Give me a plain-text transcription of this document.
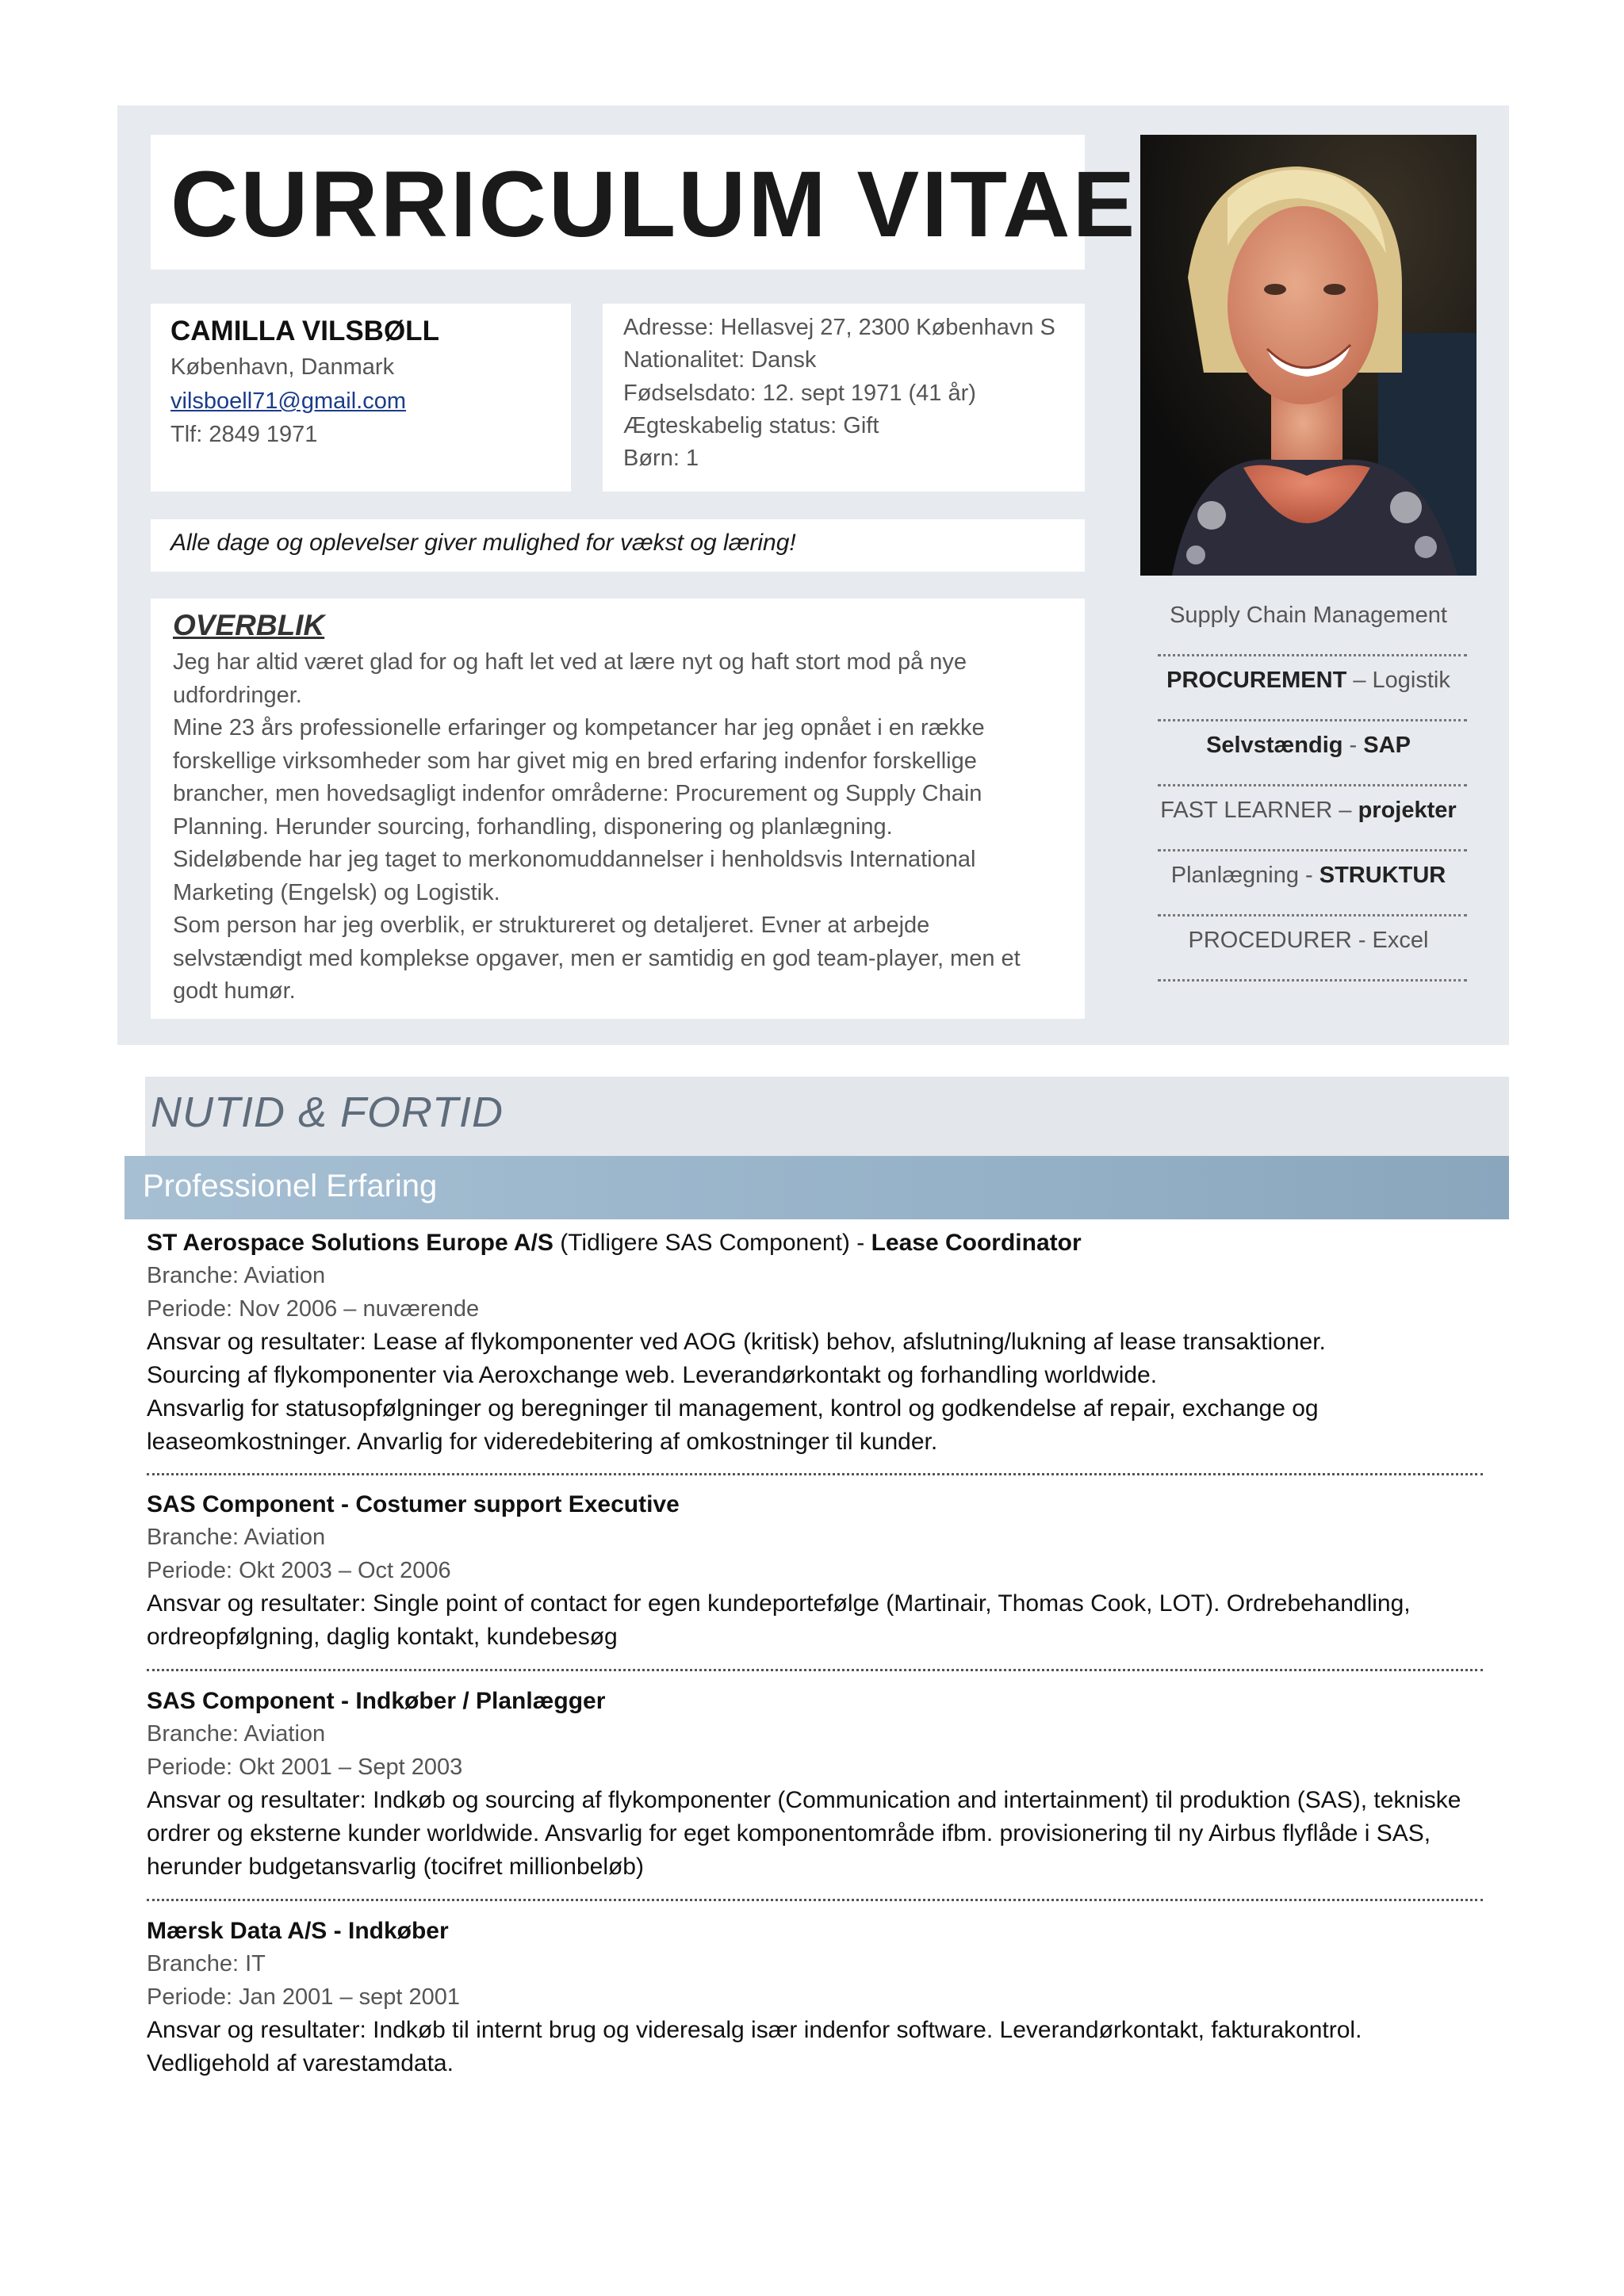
CURRICULUM VITAE
CAMILLA VILSBØLL
København, Danmark
vilsboell71@gmail.com
Tlf: 2849 1971
Adresse: Hellasvej 27, 2300 København S
Nationalitet: Dansk
Fødselsdato: 12. sept 1971 (41 år)
Ægteskabelig status: Gift
Børn: 1
Alle dage og oplevelser giver mulighed for vækst og læring!
OVERBLIK

Jeg har altid været glad for og haft let ved at lære nyt og haft stort mod på nye udfordringer.

Mine 23 års professionelle erfaringer og kompetancer har jeg opnået i en række forskellige virksomheder som har givet mig en bred erfaring indenfor forskellige brancher, men hovedsagligt indenfor områderne: Procurement og Supply Chain Planning. Herunder sourcing, forhandling, disponering og planlægning.

Sideløbende har jeg taget to merkonomuddannelser i henholdsvis International Marketing (Engelsk) og Logistik.

Som person har jeg overblik, er struktureret og detaljeret. Evner at arbejde selvstændigt med komplekse opgaver, men er samtidig en god team-player, men et godt humør.

Supply Chain Management
PROCUREMENT – Logistik
Selvstændig - SAP
FAST LEARNER – projekter
Planlægning - STRUKTUR
PROCEDURER - Excel
NUTID & FORTID
Professionel Erfaring
ST Aerospace Solutions Europe A/S (Tidligere SAS Component) - Lease Coordinator
Branche: Aviation
Periode: Nov 2006 – nuværende

Ansvar og resultater: Lease af flykomponenter ved AOG (kritisk) behov, afslutning/lukning af lease transaktioner.

Sourcing af flykomponenter via Aeroxchange web. Leverandørkontakt og forhandling worldwide.

Ansvarlig for statusopfølgninger og beregninger til management, kontrol og godkendelse af repair, exchange og leaseomkostninger. Anvarlig for videredebitering af omkostninger til kunder.

SAS Component - Costumer support Executive
Branche: Aviation
Periode: Okt 2003 – Oct 2006

Ansvar og resultater: Single point of contact for egen kundeportefølge (Martinair, Thomas Cook, LOT). Ordrebehandling, ordreopfølgning, daglig kontakt, kundebesøg

SAS Component - Indkøber / Planlægger
Branche: Aviation
Periode: Okt 2001 – Sept 2003

Ansvar og resultater: Indkøb og sourcing af flykomponenter (Communication and intertainment) til produktion (SAS), tekniske ordrer og eksterne kunder worldwide. Ansvarlig for eget komponentområde ifbm. provisionering til ny Airbus flyflåde i SAS, herunder budgetansvarlig (tocifret millionbeløb)

Mærsk Data A/S - Indkøber
Branche: IT
Periode: Jan 2001 – sept 2001

Ansvar og resultater: Indkøb til internt brug og videresalg især indenfor software. Leverandørkontakt, fakturakontrol.

Vedligehold af varestamdata.
